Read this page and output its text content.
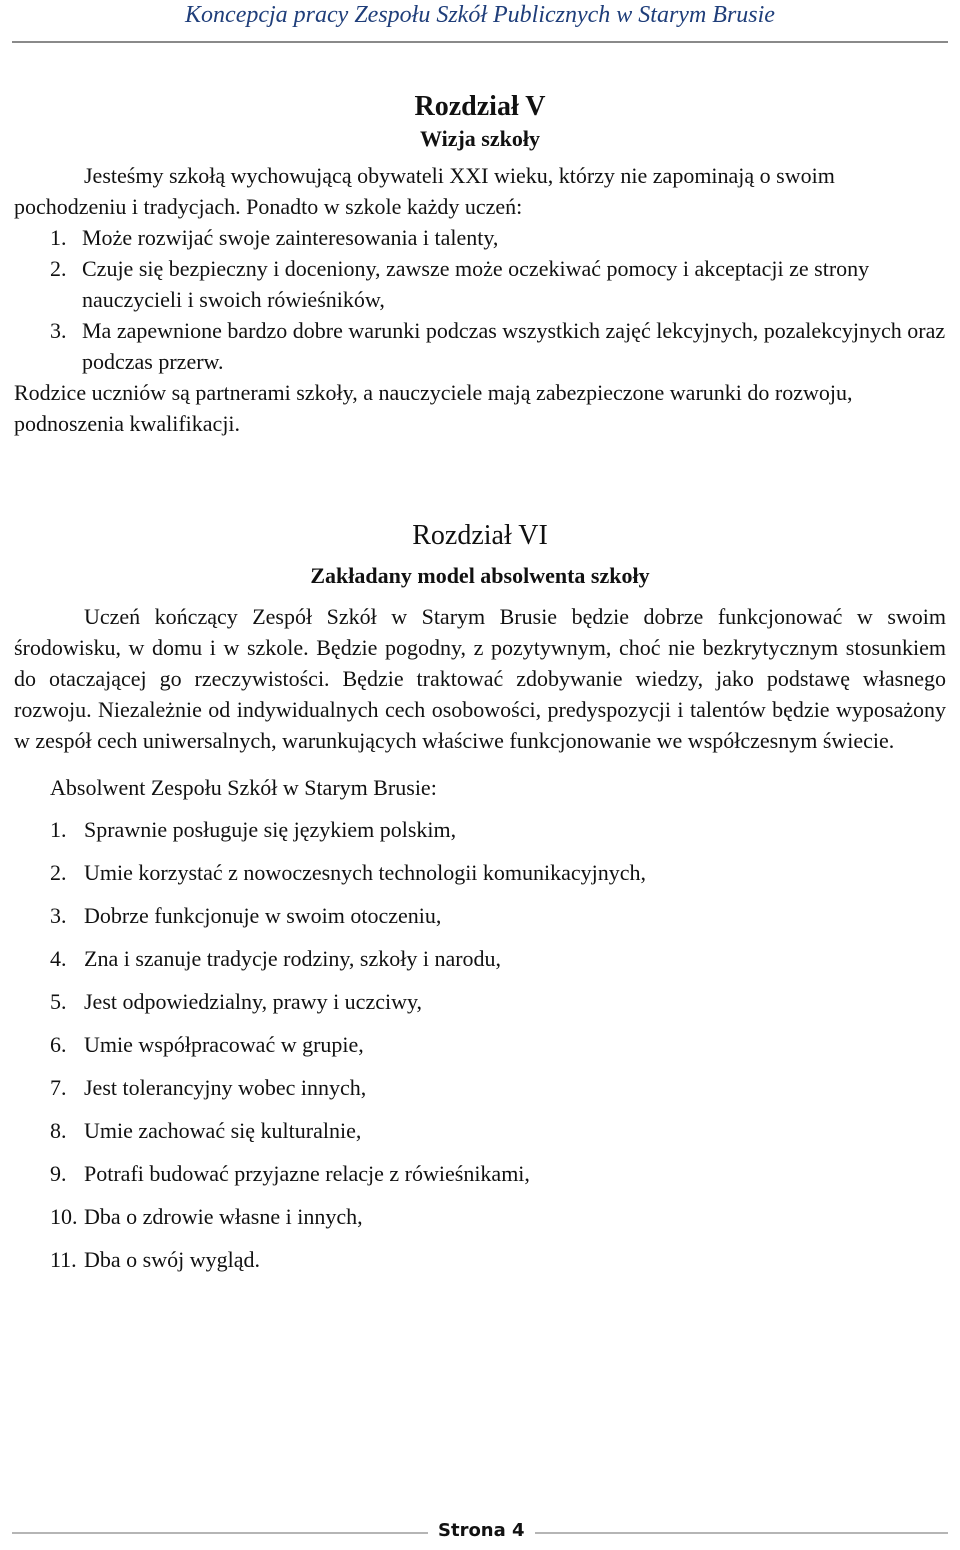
Koncepcja pracy Zespołu Szkół Publicznych w Starym Brusie
Rozdział V
Wizja szkoły

Jesteśmy szkołą wychowującą obywateli XXI wieku, którzy nie zapominają o swoim pochodzeniu i tradycjach. Ponadto w szkole każdy uczeń:

1. Może rozwijać swoje zainteresowania i talenty,
2. Czuje się bezpieczny i doceniony, zawsze może oczekiwać pomocy i akceptacji ze strony nauczycieli i swoich rówieśników,
3. Ma zapewnione bardzo dobre warunki podczas wszystkich zajęć lekcyjnych, pozalekcyjnych oraz podczas przerw.

Rodzice uczniów są partnerami szkoły, a nauczyciele mają zabezpieczone warunki do rozwoju, podnoszenia kwalifikacji.

Rozdział VI
Zakładany model absolwenta szkoły

Uczeń kończący Zespół Szkół w Starym Brusie będzie dobrze funkcjonować w swoim środowisku, w domu i w szkole. Będzie pogodny, z pozytywnym, choć nie bezkrytycznym stosunkiem do otaczającej go rzeczywistości. Będzie traktować zdobywanie wiedzy, jako podstawę własnego rozwoju. Niezależnie od indywidualnych cech osobowości, predyspozycji i talentów będzie wyposażony w zespół cech uniwersalnych, warunkujących właściwe funkcjonowanie we współczesnym świecie.

Absolwent Zespołu Szkół w Starym Brusie:

1. Sprawnie posługuje się językiem polskim,
2. Umie korzystać z nowoczesnych technologii komunikacyjnych,
3. Dobrze funkcjonuje w swoim otoczeniu,
4. Zna i szanuje tradycje rodziny, szkoły i narodu,
5. Jest odpowiedzialny, prawy i uczciwy,
6. Umie współpracować w grupie,
7. Jest tolerancyjny wobec innych,
8. Umie zachować się kulturalnie,
9. Potrafi budować przyjazne relacje z rówieśnikami,
10. Dba o zdrowie własne i innych,
11. Dba o swój wygląd.
Strona 4
